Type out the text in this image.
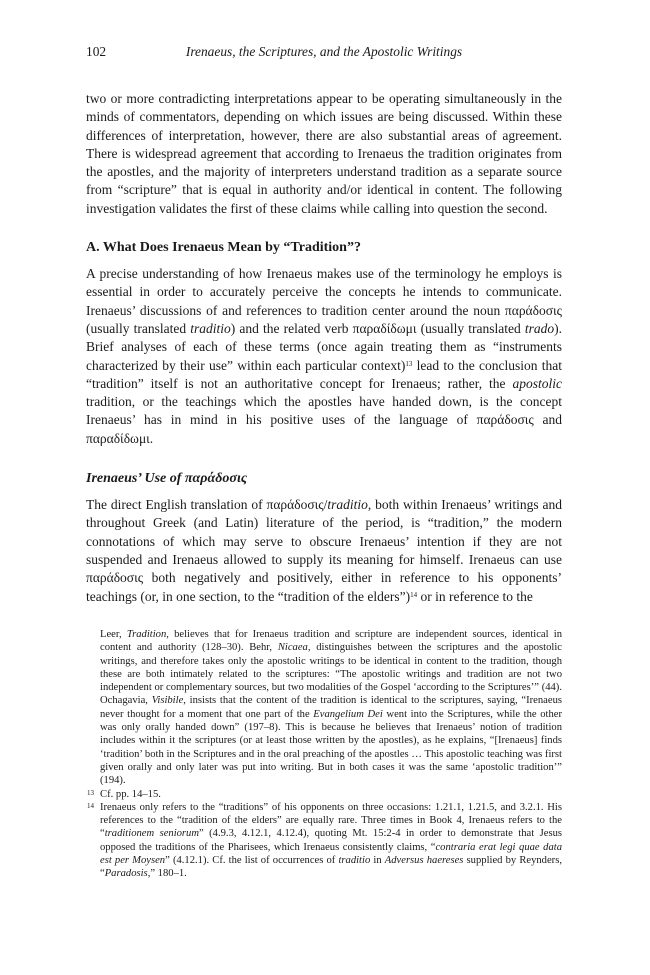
102	Irenaeus, the Scriptures, and the Apostolic Writings

two or more contradicting interpretations appear to be operating simultaneously in the minds of commentators, depending on which issues are being discussed. Within these differences of interpretation, however, there are also substantial areas of agreement. There is widespread agreement that according to Irenaeus the tradition originates from the apostles, and the majority of interpreters understand tradition as a separate source from “scripture” that is equal in authority and/or identical in content. The following investigation validates the first of these claims while calling into question the second.

A. What Does Irenaeus Mean by “Tradition”?

A precise understanding of how Irenaeus makes use of the terminology he employs is essential in order to accurately perceive the concepts he intends to communicate. Irenaeus’ discussions of and references to tradition center around the noun παράδοσις (usually translated traditio) and the related verb παραδίδωμι (usually translated trado). Brief analyses of each of these terms (once again treating them as “instruments characterized by their use” within each particular context)$^{13}$ lead to the conclusion that “tradition” itself is not an authoritative concept for Irenaeus; rather, the apostolic tradition, or the teachings which the apostles have handed down, is the concept Irenaeus’ has in mind in his positive uses of the language of παράδοσις and παραδίδωμι.

Irenaeus’ Use of παράδοσις

The direct English translation of παράδοσις/traditio, both within Irenaeus’ writings and throughout Greek (and Latin) literature of the period, is “tradition,” the modern connotations of which may serve to obscure Irenaeus’ intention if they are not suspended and Irenaeus allowed to supply its meaning for himself. Irenaeus can use παράδοσις both negatively and positively, either in reference to his opponents’ teachings (or, in one section, to the “tradition of the elders”)$^{14}$ or in reference to the

Leer, Tradition, believes that for Irenaeus tradition and scripture are independent sources, identical in content and authority (128–30). Behr, Nicaea, distinguishes between the scriptures and the apostolic writings, and therefore takes only the apostolic writings to be identical in content to the tradition, though these are both intimately related to the scriptures: “The apostolic writings and tradition are not two independent or complementary sources, but two modalities of the Gospel ‘according to the Scriptures’” (44). Ochagavia, Visibile, insists that the content of the tradition is identical to the scriptures, saying, “Irenaeus never thought for a moment that one part of the Evangelium Dei went into the Scriptures, while the other was only orally handed down” (197–8). This is because he believes that Irenaeus’ notion of tradition includes within it the scriptures (or at least those written by the apostles), as he explains, “[Irenaeus] finds ‘tradition’ both in the Scriptures and in the oral preaching of the apostles … This apostolic teaching was first given orally and only later was put into writing. But in both cases it was the same ‘apostolic tradition’” (194).

13 Cf. pp. 14–15.

14 Irenaeus only refers to the “traditions” of his opponents on three occasions: 1.21.1, 1.21.5, and 3.2.1. His references to the “tradition of the elders” are equally rare. Three times in Book 4, Irenaeus refers to the “traditionem seniorum” (4.9.3, 4.12.1, 4.12.4), quoting Mt. 15:2-4 in order to demonstrate that Jesus opposed the traditions of the Pharisees, which Irenaeus consistently claims, “contraria erat legi quae data est per Moysen” (4.12.1). Cf. the list of occurrences of traditio in Adversus haereses supplied by Reynders, “Paradosis,” 180–1.
